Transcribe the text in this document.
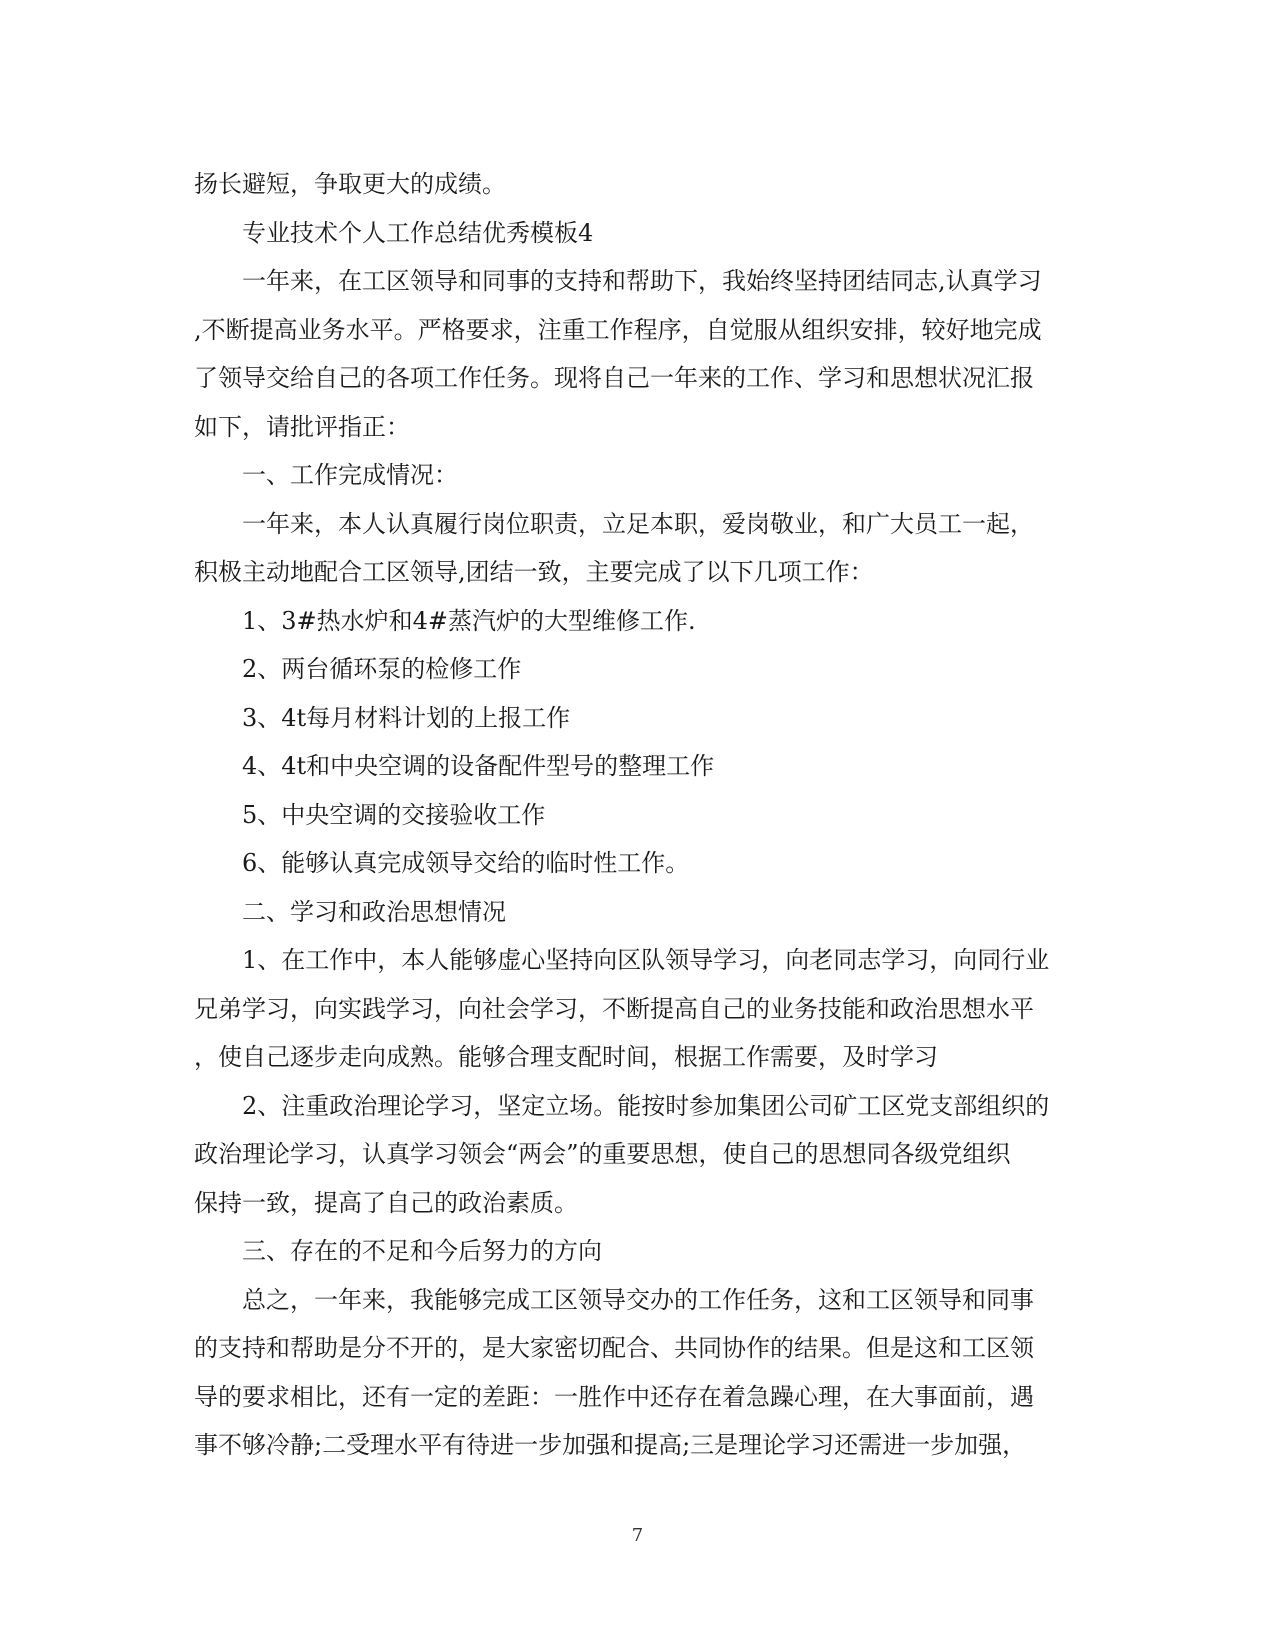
扬长避短，争取更大的成绩。
专业技术个人工作总结优秀模板4
一年来，在工区领导和同事的支持和帮助下，我始终坚持团结同志,认真学习
,不断提高业务水平。严格要求，注重工作程序，自觉服从组织安排，较好地完成
了领导交给自己的各项工作任务。现将自己一年来的工作、学习和思想状况汇报
如下，请批评指正：
一、工作完成情况：
一年来，本人认真履行岗位职责，立足本职，爱岗敬业，和广大员工一起，
积极主动地配合工区领导,团结一致，主要完成了以下几项工作：
1、3#热水炉和4#蒸汽炉的大型维修工作.
2、两台循环泵的检修工作
3、4t每月材料计划的上报工作
4、4t和中央空调的设备配件型号的整理工作
5、中央空调的交接验收工作
6、能够认真完成领导交给的临时性工作。
二、学习和政治思想情况
1、在工作中，本人能够虚心坚持向区队领导学习，向老同志学习，向同行业
兄弟学习，向实践学习，向社会学习，不断提高自己的业务技能和政治思想水平
，使自己逐步走向成熟。能够合理支配时间，根据工作需要，及时学习
2、注重政治理论学习，坚定立场。能按时参加集团公司矿工区党支部组织的
政治理论学习，认真学习领会“两会”的重要思想，使自己的思想同各级党组织
保持一致，提高了自己的政治素质。
三、存在的不足和今后努力的方向
总之，一年来，我能够完成工区领导交办的工作任务，这和工区领导和同事
的支持和帮助是分不开的，是大家密切配合、共同协作的结果。但是这和工区领
导的要求相比，还有一定的差距：一胜作中还存在着急躁心理，在大事面前，遇
事不够冷静;二受理水平有待进一步加强和提高;三是理论学习还需进一步加强，
7
